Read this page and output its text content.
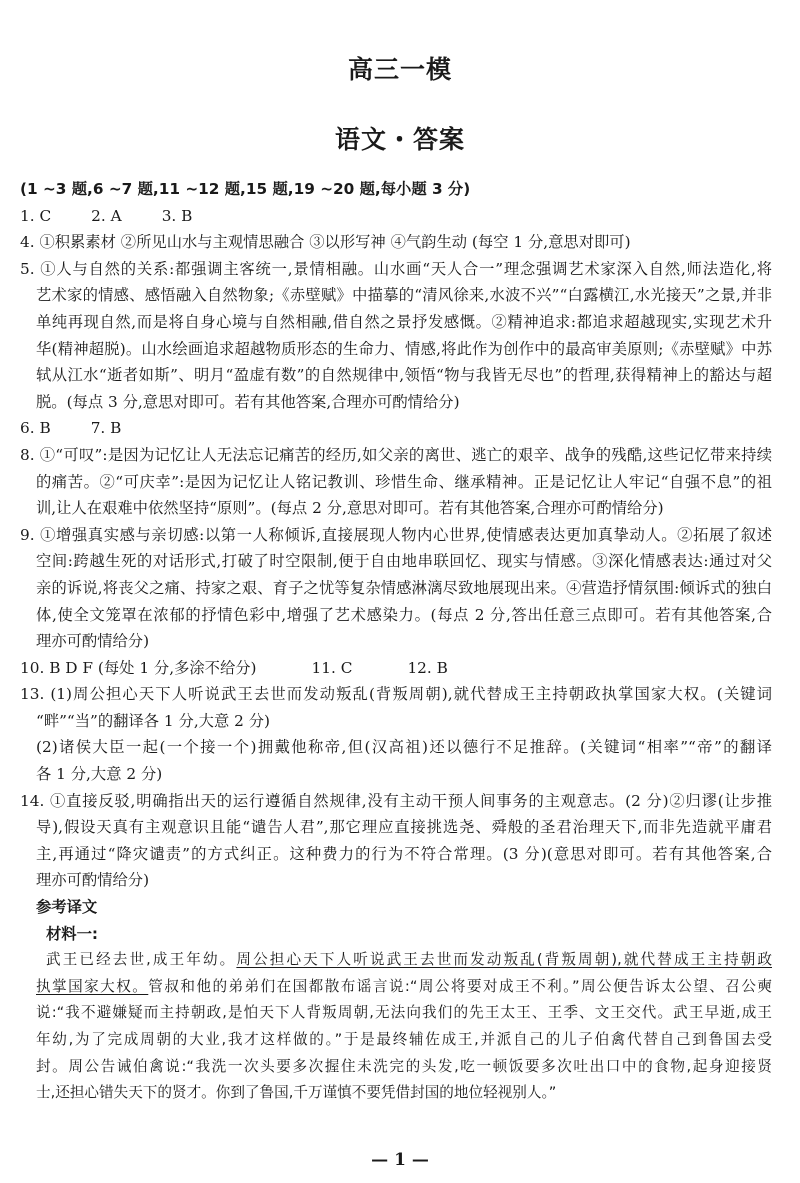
高三一模
语文・答案
(1 ~3 题,6 ~7 题,11 ~12 题,15 题,19 ~20 题,每小题 3 分)
1. C	2. A	3. B
4. ①积累素材 ②所见山水与主观情思融合 ③以形写神 ④气韵生动 (每空 1 分,意思对即可)
5. ①人与自然的关系:都强调主客统一,景情相融。山水画“天人合一”理念强调艺术家深入自然,师法造化,将
艺术家的情感、感悟融入自然物象;《赤壁赋》中描摹的“清风徐来,水波不兴”“白露横江,水光接天”之景,并非
单纯再现自然,而是将自身心境与自然相融,借自然之景抒发感慨。②精神追求:都追求超越现实,实现艺术升
华(精神超脱)。山水绘画追求超越物质形态的生命力、情感,将此作为创作中的最高审美原则;《赤壁赋》中苏
轼从江水“逝者如斯”、明月“盈虚有数”的自然规律中,领悟“物与我皆无尽也”的哲理,获得精神上的豁达与超
脱。(每点 3 分,意思对即可。若有其他答案,合理亦可酌情给分)
6. B	7. B
8. ①“可叹”:是因为记忆让人无法忘记痛苦的经历,如父亲的离世、逃亡的艰辛、战争的残酷,这些记忆带来持续
的痛苦。②“可庆幸”:是因为记忆让人铭记教训、珍惜生命、继承精神。正是记忆让人牢记“自强不息”的祖
训,让人在艰难中依然坚持“原则”。(每点 2 分,意思对即可。若有其他答案,合理亦可酌情给分)
9. ①增强真实感与亲切感:以第一人称倾诉,直接展现人物内心世界,使情感表达更加真挚动人。②拓展了叙述
空间:跨越生死的对话形式,打破了时空限制,便于自由地串联回忆、现实与情感。③深化情感表达:通过对父
亲的诉说,将丧父之痛、持家之艰、育子之忧等复杂情感淋漓尽致地展现出来。④营造抒情氛围:倾诉式的独白
体,使全文笼罩在浓郁的抒情色彩中,增强了艺术感染力。(每点 2 分,答出任意三点即可。若有其他答案,合
理亦可酌情给分)
10. B D F (每处 1 分,多涂不给分)	11. C	12. B
13. (1)周公担心天下人听说武王去世而发动叛乱(背叛周朝),就代替成王主持朝政执掌国家大权。(关键词
“畔”“当”的翻译各 1 分,大意 2 分)
(2)诸侯大臣一起(一个接一个)拥戴他称帝,但(汉高祖)还以德行不足推辞。(关键词“相率”“帝”的翻译
各 1 分,大意 2 分)
14. ①直接反驳,明确指出天的运行遵循自然规律,没有主动干预人间事务的主观意志。(2 分)②归谬(让步推
导),假设天真有主观意识且能“谴告人君”,那它理应直接挑选尧、舜般的圣君治理天下,而非先造就平庸君
主,再通过“降灾谴责”的方式纠正。这种费力的行为不符合常理。(3 分)(意思对即可。若有其他答案,合
理亦可酌情给分)
参考译文
材料一:
武王已经去世,成王年幼。周公担心天下人听说武王去世而发动叛乱(背叛周朝),就代替成王主持朝政
执掌国家大权。管叔和他的弟弟们在国都散布谣言说:“周公将要对成王不利。”周公便告诉太公望、召公奭
说:“我不避嫌疑而主持朝政,是怕天下人背叛周朝,无法向我们的先王太王、王季、文王交代。武王早逝,成王
年幼,为了完成周朝的大业,我才这样做的。”于是最终辅佐成王,并派自己的儿子伯禽代替自己到鲁国去受
封。周公告诫伯禽说:“我洗一次头要多次握住未洗完的头发,吃一顿饭要多次吐出口中的食物,起身迎接贤
士,还担心错失天下的贤才。你到了鲁国,千万谨慎不要凭借封国的地位轻视别人。”
— 1 —
